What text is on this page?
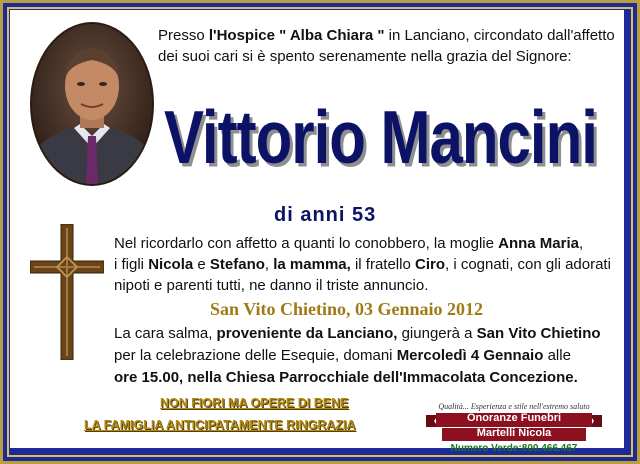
Presso l'Hospice " Alba Chiara " in Lanciano, circondato dall'affetto
dei suoi cari si è spento serenamente nella grazia del Signore:
Vittorio Mancini
di anni 53
Nel ricordarlo con affetto a quanti lo conobbero, la moglie Anna Maria,
i figli Nicola e Stefano, la mamma, il fratello Ciro, i cognati, con gli adorati
nipoti e parenti tutti, ne danno il triste annuncio.
San Vito Chietino, 03 Gennaio 2012
La cara salma, proveniente da Lanciano, giungerà a San Vito Chietino
per la celebrazione delle Esequie, domani Mercoledì 4 Gennaio alle
ore 15.00, nella Chiesa Parrocchiale dell'Immacolata Concezione.
NON FIORI MA OPERE DI BENE
LA FAMIGLIA ANTICIPATAMENTE RINGRAZIA
Qualità... Esperienza e stile nell'estremo saluto
Onoranze Funebri
Martelli Nicola
Numero Verde:800.466.467
